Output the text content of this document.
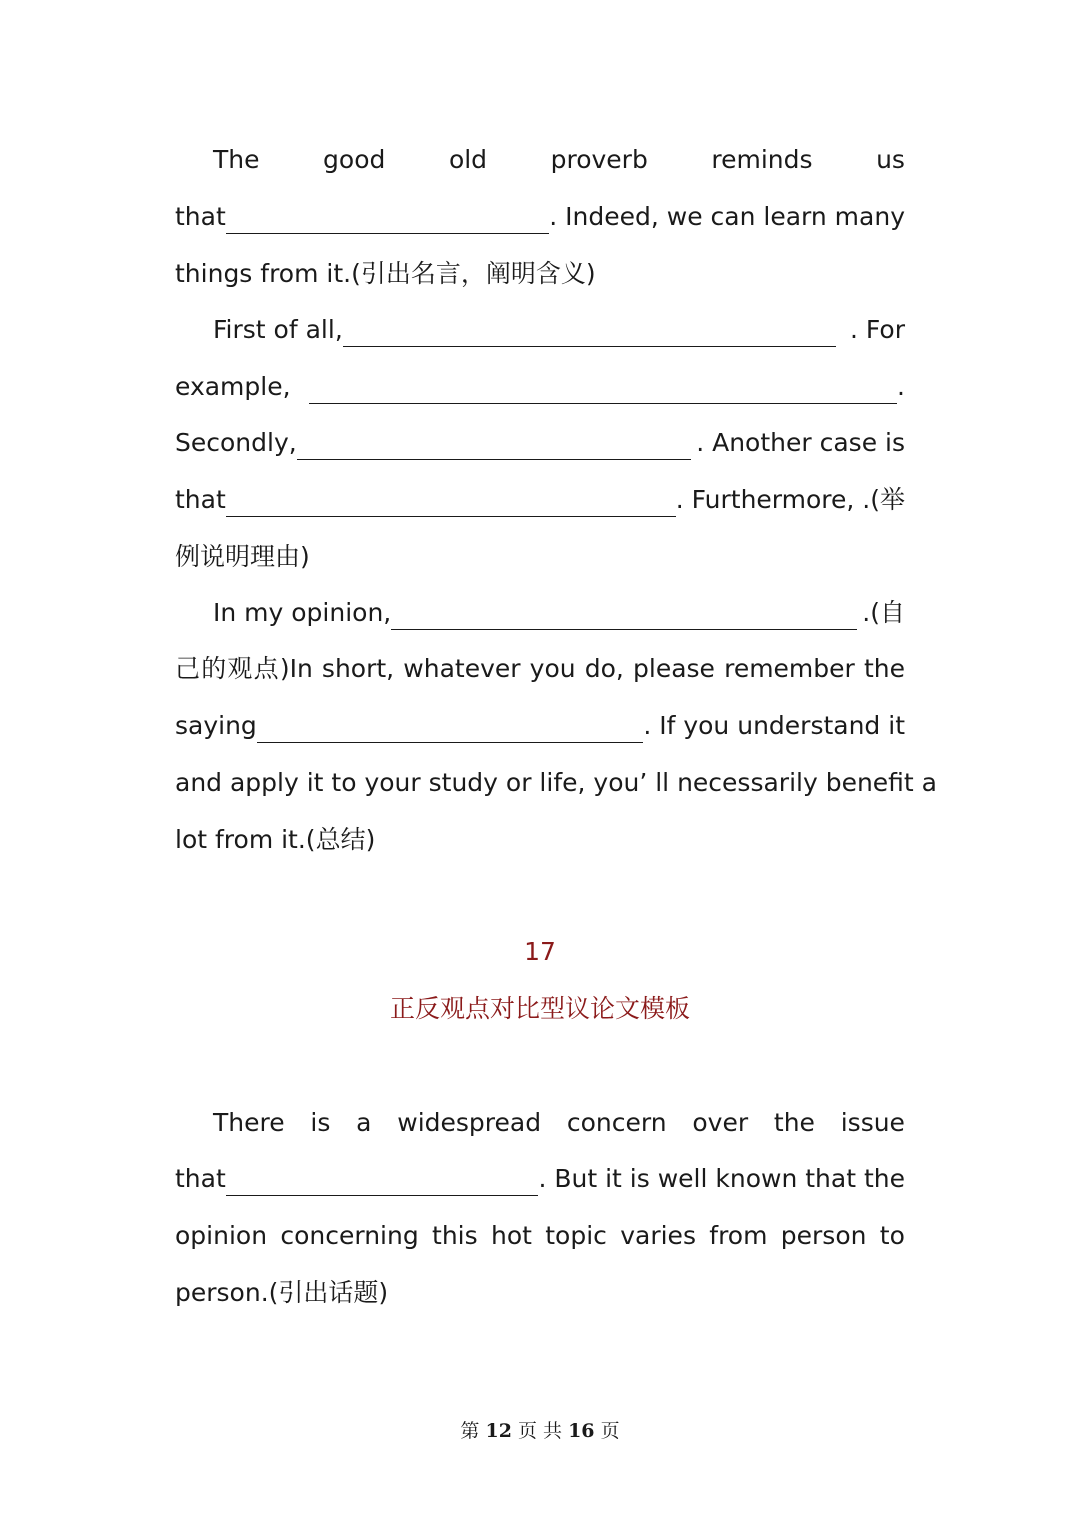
The	good	old	proverb	reminds	us
that	. Indeed, we can learn many
things from it.(引出名言，阐明含义)
First of all,	. For
example,	.
Secondly,	. Another case is
that	. Furthermore, .(举
例说明理由)
In my opinion,	.(自
己的观点)In short, whatever you do, please remember the
saying	. If you understand it
and apply it to your study or life, you’ ll necessarily benefit a
lot from it.(总结)
17
正反观点对比型议论文模板
There is a widespread concern over the issue
that	. But it is well known that the
opinion concerning this hot topic varies from person to
person.(引出话题)
第 12 页 共 16 页
